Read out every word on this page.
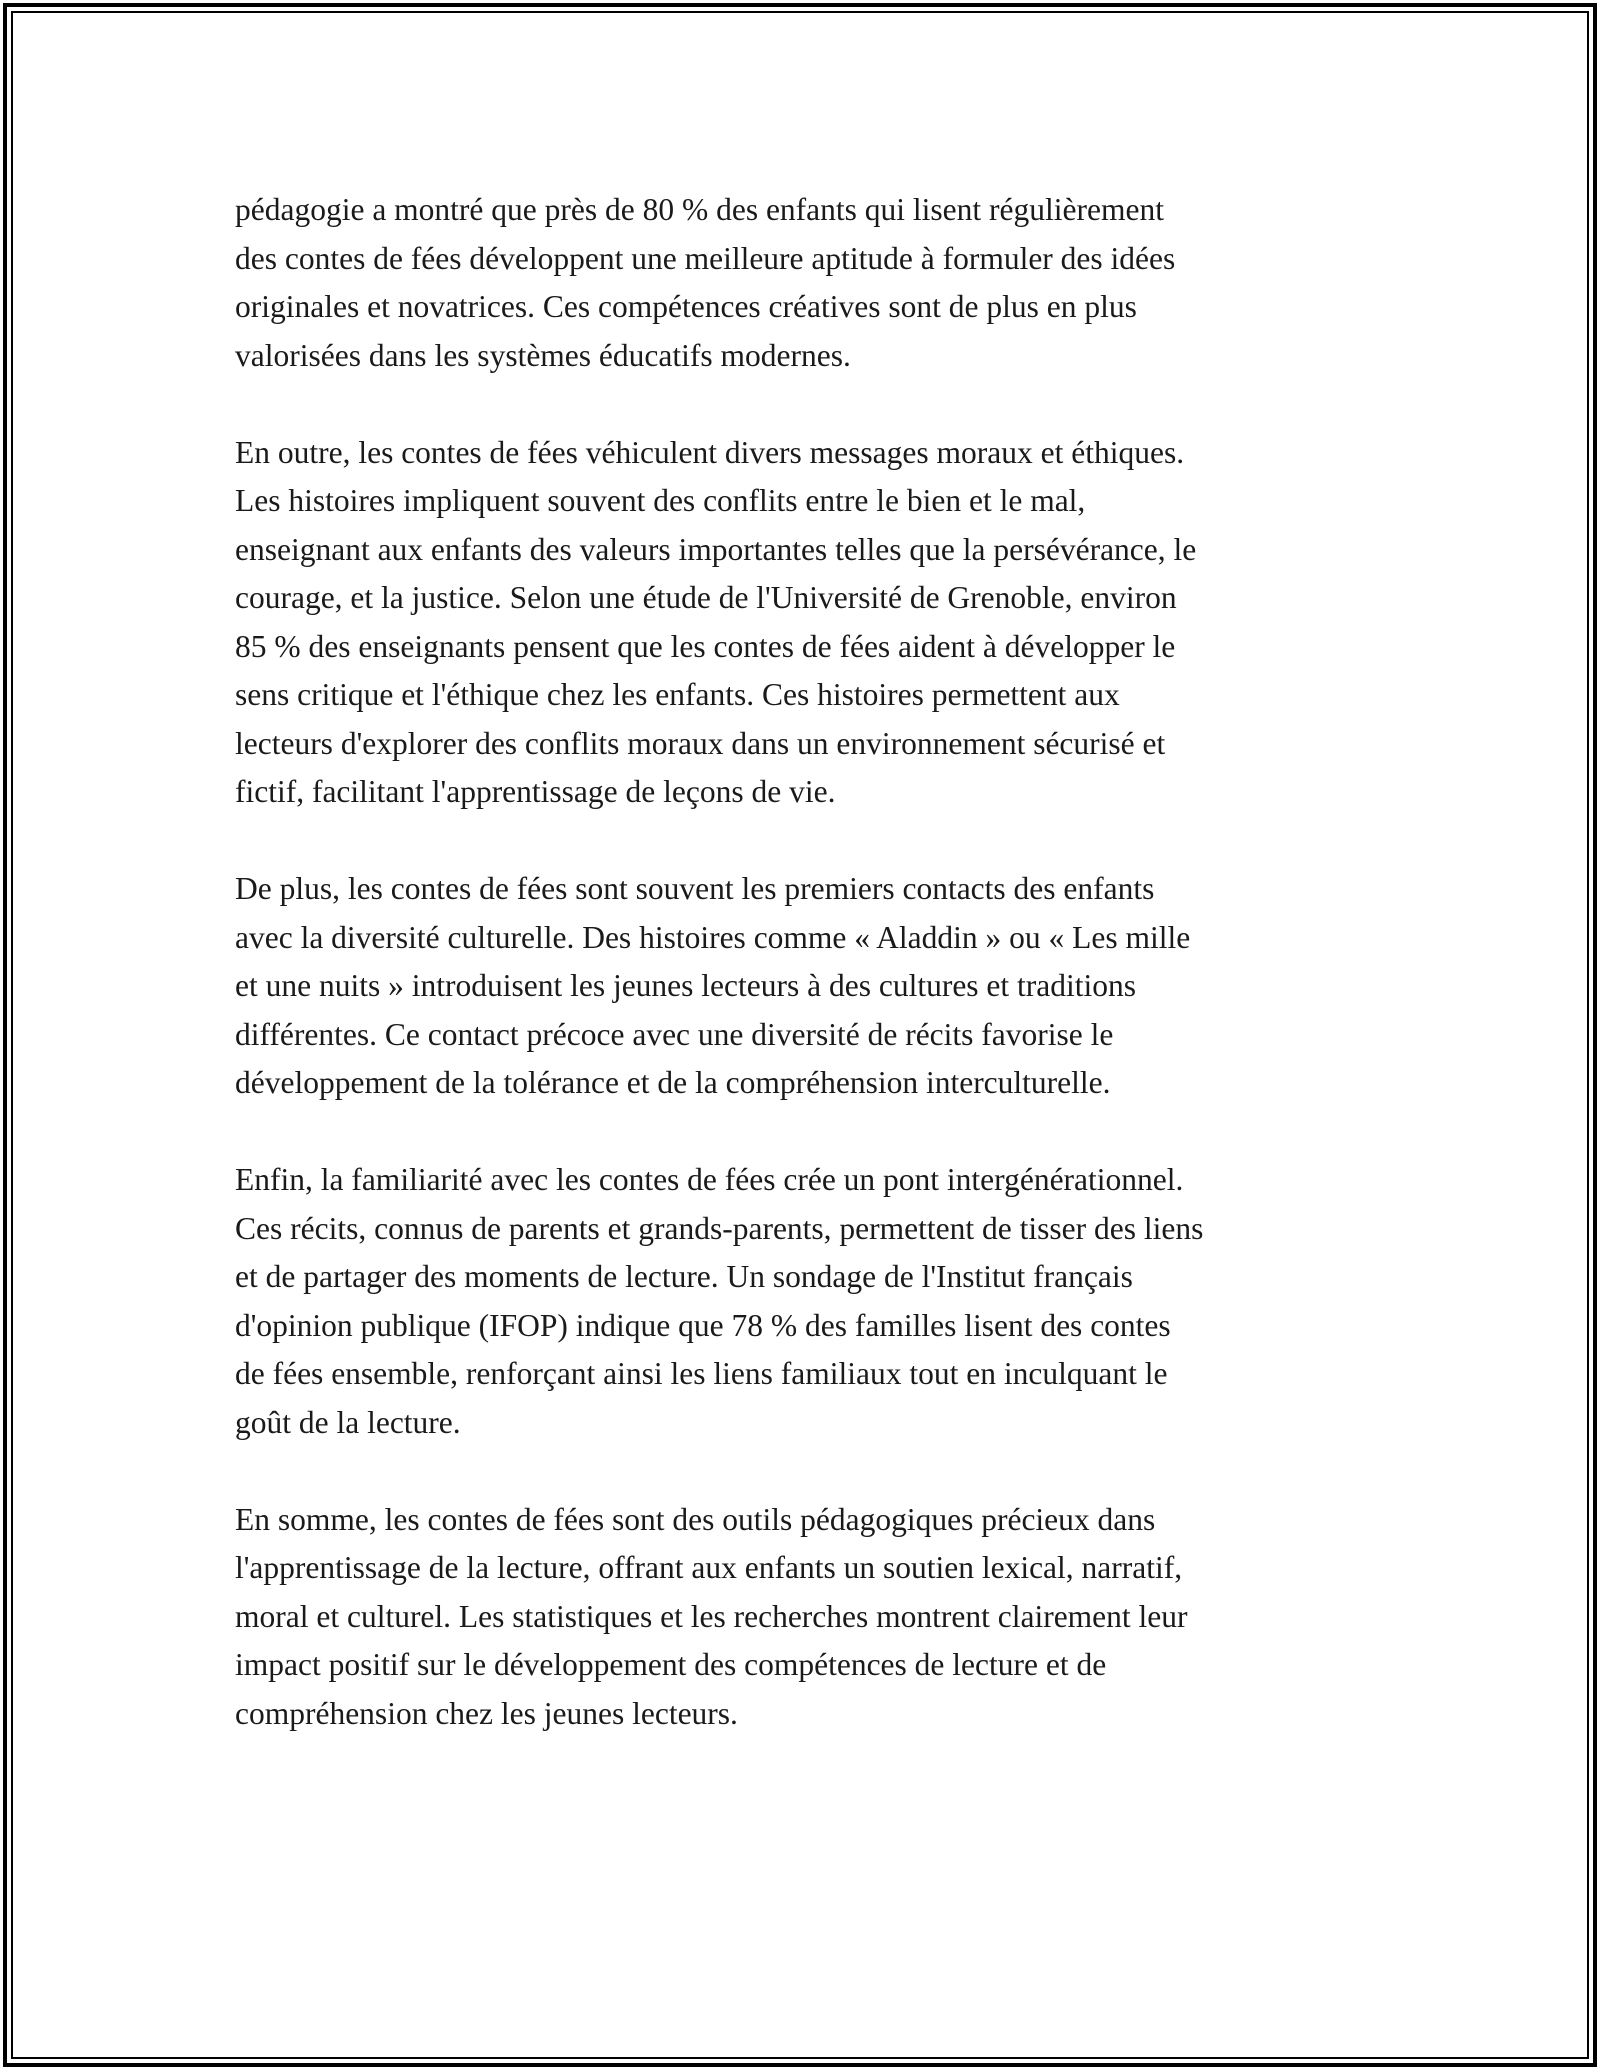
pédagogie a montré que près de 80 % des enfants qui lisent régulièrement
des contes de fées développent une meilleure aptitude à formuler des idées
originales et novatrices. Ces compétences créatives sont de plus en plus
valorisées dans les systèmes éducatifs modernes.

En outre, les contes de fées véhiculent divers messages moraux et éthiques.
Les histoires impliquent souvent des conflits entre le bien et le mal,
enseignant aux enfants des valeurs importantes telles que la persévérance, le
courage, et la justice. Selon une étude de l'Université de Grenoble, environ
85 % des enseignants pensent que les contes de fées aident à développer le
sens critique et l'éthique chez les enfants. Ces histoires permettent aux
lecteurs d'explorer des conflits moraux dans un environnement sécurisé et
fictif, facilitant l'apprentissage de leçons de vie.

De plus, les contes de fées sont souvent les premiers contacts des enfants
avec la diversité culturelle. Des histoires comme « Aladdin » ou « Les mille
et une nuits » introduisent les jeunes lecteurs à des cultures et traditions
différentes. Ce contact précoce avec une diversité de récits favorise le
développement de la tolérance et de la compréhension interculturelle.

Enfin, la familiarité avec les contes de fées crée un pont intergénérationnel.
Ces récits, connus de parents et grands-parents, permettent de tisser des liens
et de partager des moments de lecture. Un sondage de l'Institut français
d'opinion publique (IFOP) indique que 78 % des familles lisent des contes
de fées ensemble, renforçant ainsi les liens familiaux tout en inculquant le
goût de la lecture.

En somme, les contes de fées sont des outils pédagogiques précieux dans
l'apprentissage de la lecture, offrant aux enfants un soutien lexical, narratif,
moral et culturel. Les statistiques et les recherches montrent clairement leur
impact positif sur le développement des compétences de lecture et de
compréhension chez les jeunes lecteurs.
